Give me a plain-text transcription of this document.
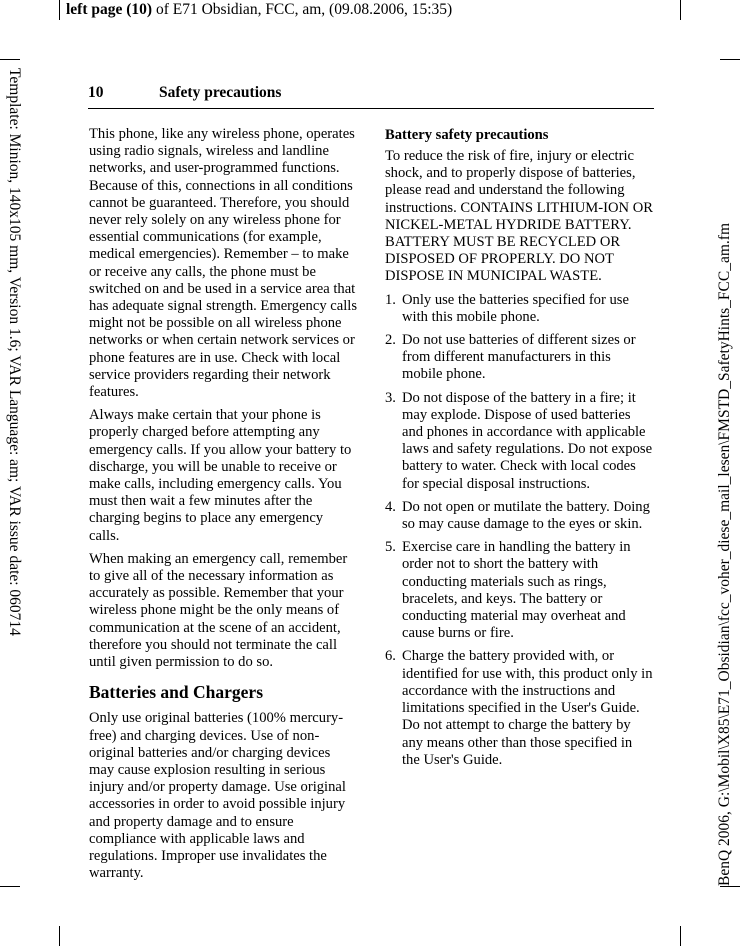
left page (10) of E71 Obsidian, FCC, am, (09.08.2006, 15:35)
Template: Minion, 140x105 mm, Version 1.6; VAR Language: am; VAR issue date: 060714	BenQ 2006, G:\Mobil\X85\E71_Obsidian\fcc_voher_diese_mail_lesen\FMSTD_SafetyHints_FCC_am.fm
10	Safety precautions

This phone, like any wireless phone, operates using radio signals, wireless and landline networks, and user-programmed functions. Because of this, connections in all conditions cannot be guaranteed. Therefore, you should never rely solely on any wireless phone for essential communications (for example, medical emergencies). Remember – to make or receive any calls, the phone must be switched on and be used in a service area that has adequate signal strength. Emergency calls might not be possible on all wireless phone networks or when certain network services or phone features are in use. Check with local service providers regarding their network features.

Always make certain that your phone is properly charged before attempting any emergency calls. If you allow your battery to discharge, you will be unable to receive or make calls, including emergency calls. You must then wait a few minutes after the charging begins to place any emergency calls.

When making an emergency call, remember to give all of the necessary information as accurately as possible. Remember that your wireless phone might be the only means of communication at the scene of an accident, therefore you should not terminate the call until given permission to do so.

Batteries and Chargers

Only use original batteries (100% mercury-free) and charging devices. Use of non-original batteries and/or charging devices may cause explosion resulting in serious injury and/or property damage. Use original accessories in order to avoid possible injury and property damage and to ensure compliance with applicable laws and regulations. Improper use invalidates the warranty.

Battery safety precautions

To reduce the risk of fire, injury or electric shock, and to properly dispose of batteries, please read and understand the following instructions. CONTAINS LITHIUM-ION OR NICKEL-METAL HYDRIDE BATTERY. BATTERY MUST BE RECYCLED OR DISPOSED OF PROPERLY. DO NOT DISPOSE IN MUNICIPAL WASTE.

1. Only use the batteries specified for use with this mobile phone.
2. Do not use batteries of different sizes or from different manufacturers in this mobile phone.
3. Do not dispose of the battery in a fire; it may explode. Dispose of used batteries and phones in accordance with applicable laws and safety regulations. Do not expose battery to water. Check with local codes for special disposal instructions.
4. Do not open or mutilate the battery. Doing so may cause damage to the eyes or skin.
5. Exercise care in handling the battery in order not to short the battery with conducting materials such as rings, bracelets, and keys. The battery or conducting material may overheat and cause burns or fire.
6. Charge the battery provided with, or identified for use with, this product only in accordance with the instructions and limitations specified in the User's Guide. Do not attempt to charge the battery by any means other than those specified in the User's Guide.
